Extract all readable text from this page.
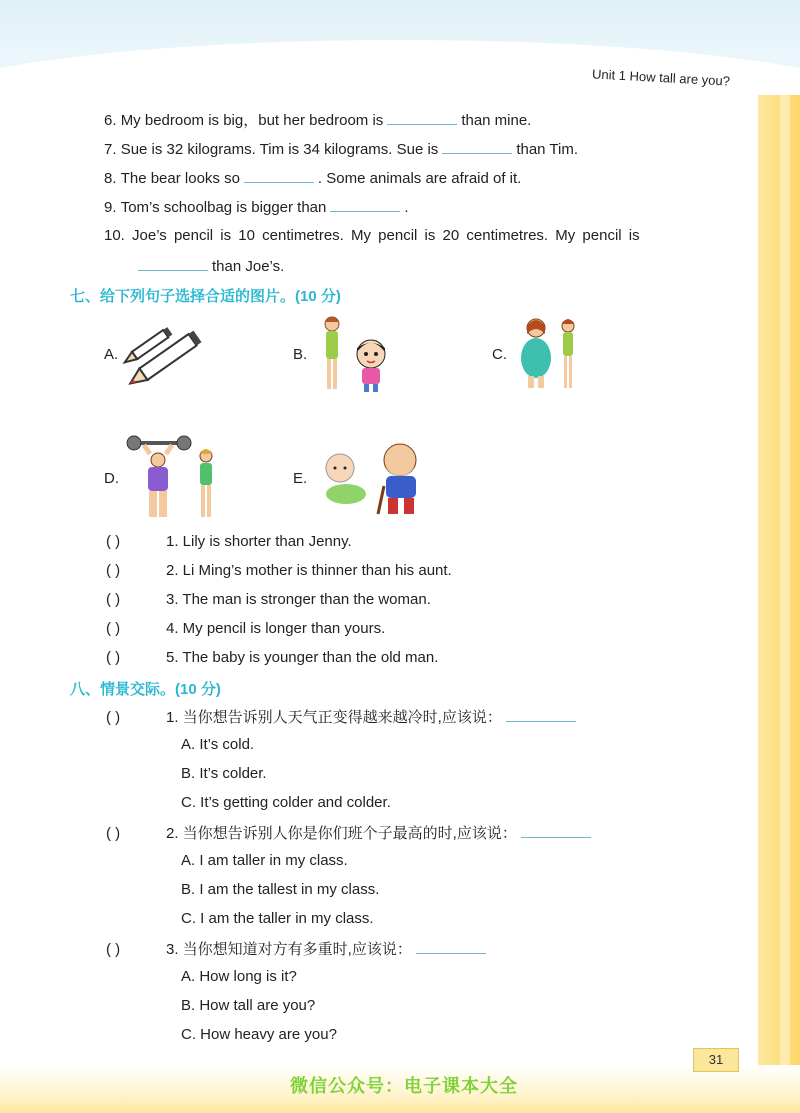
Unit 1 How tall are you?
6. My bedroom is big，but her bedroom is	than mine.
7. Sue is 32 kilograms. Tim is 34 kilograms. Sue is	than Tim.
8. The bear looks so	. Some animals are afraid of it.
9. Tom’s schoolbag is bigger than	.
10. Joe’s pencil is 10 centimetres. My pencil is 20 centimetres. My pencil is
than Joe’s.
七、给下列句子选择合适的图片。(10 分)
A.	B.	C.
D.	E.
( )	1. Lily is shorter than Jenny.
( )	2. Li Ming’s mother is thinner than his aunt.
( )	3. The man is stronger than the woman.
( )	4. My pencil is longer than yours.
( )	5. The baby is younger than the old man.
八、情景交际。(10 分)
( )	1. 当你想告诉别人天气正变得越来越冷时,应该说：
A. It’s cold.
B. It’s colder.
C. It’s getting colder and colder.
( )	2. 当你想告诉别人你是你们班个子最高的时,应该说：
A. I am taller in my class.
B. I am the tallest in my class.
C. I am the taller in my class.
( )	3. 当你想知道对方有多重时,应该说：
A. How long is it?
B. How tall are you?
C. How heavy are you?
31
微信公众号：电子课本大全
